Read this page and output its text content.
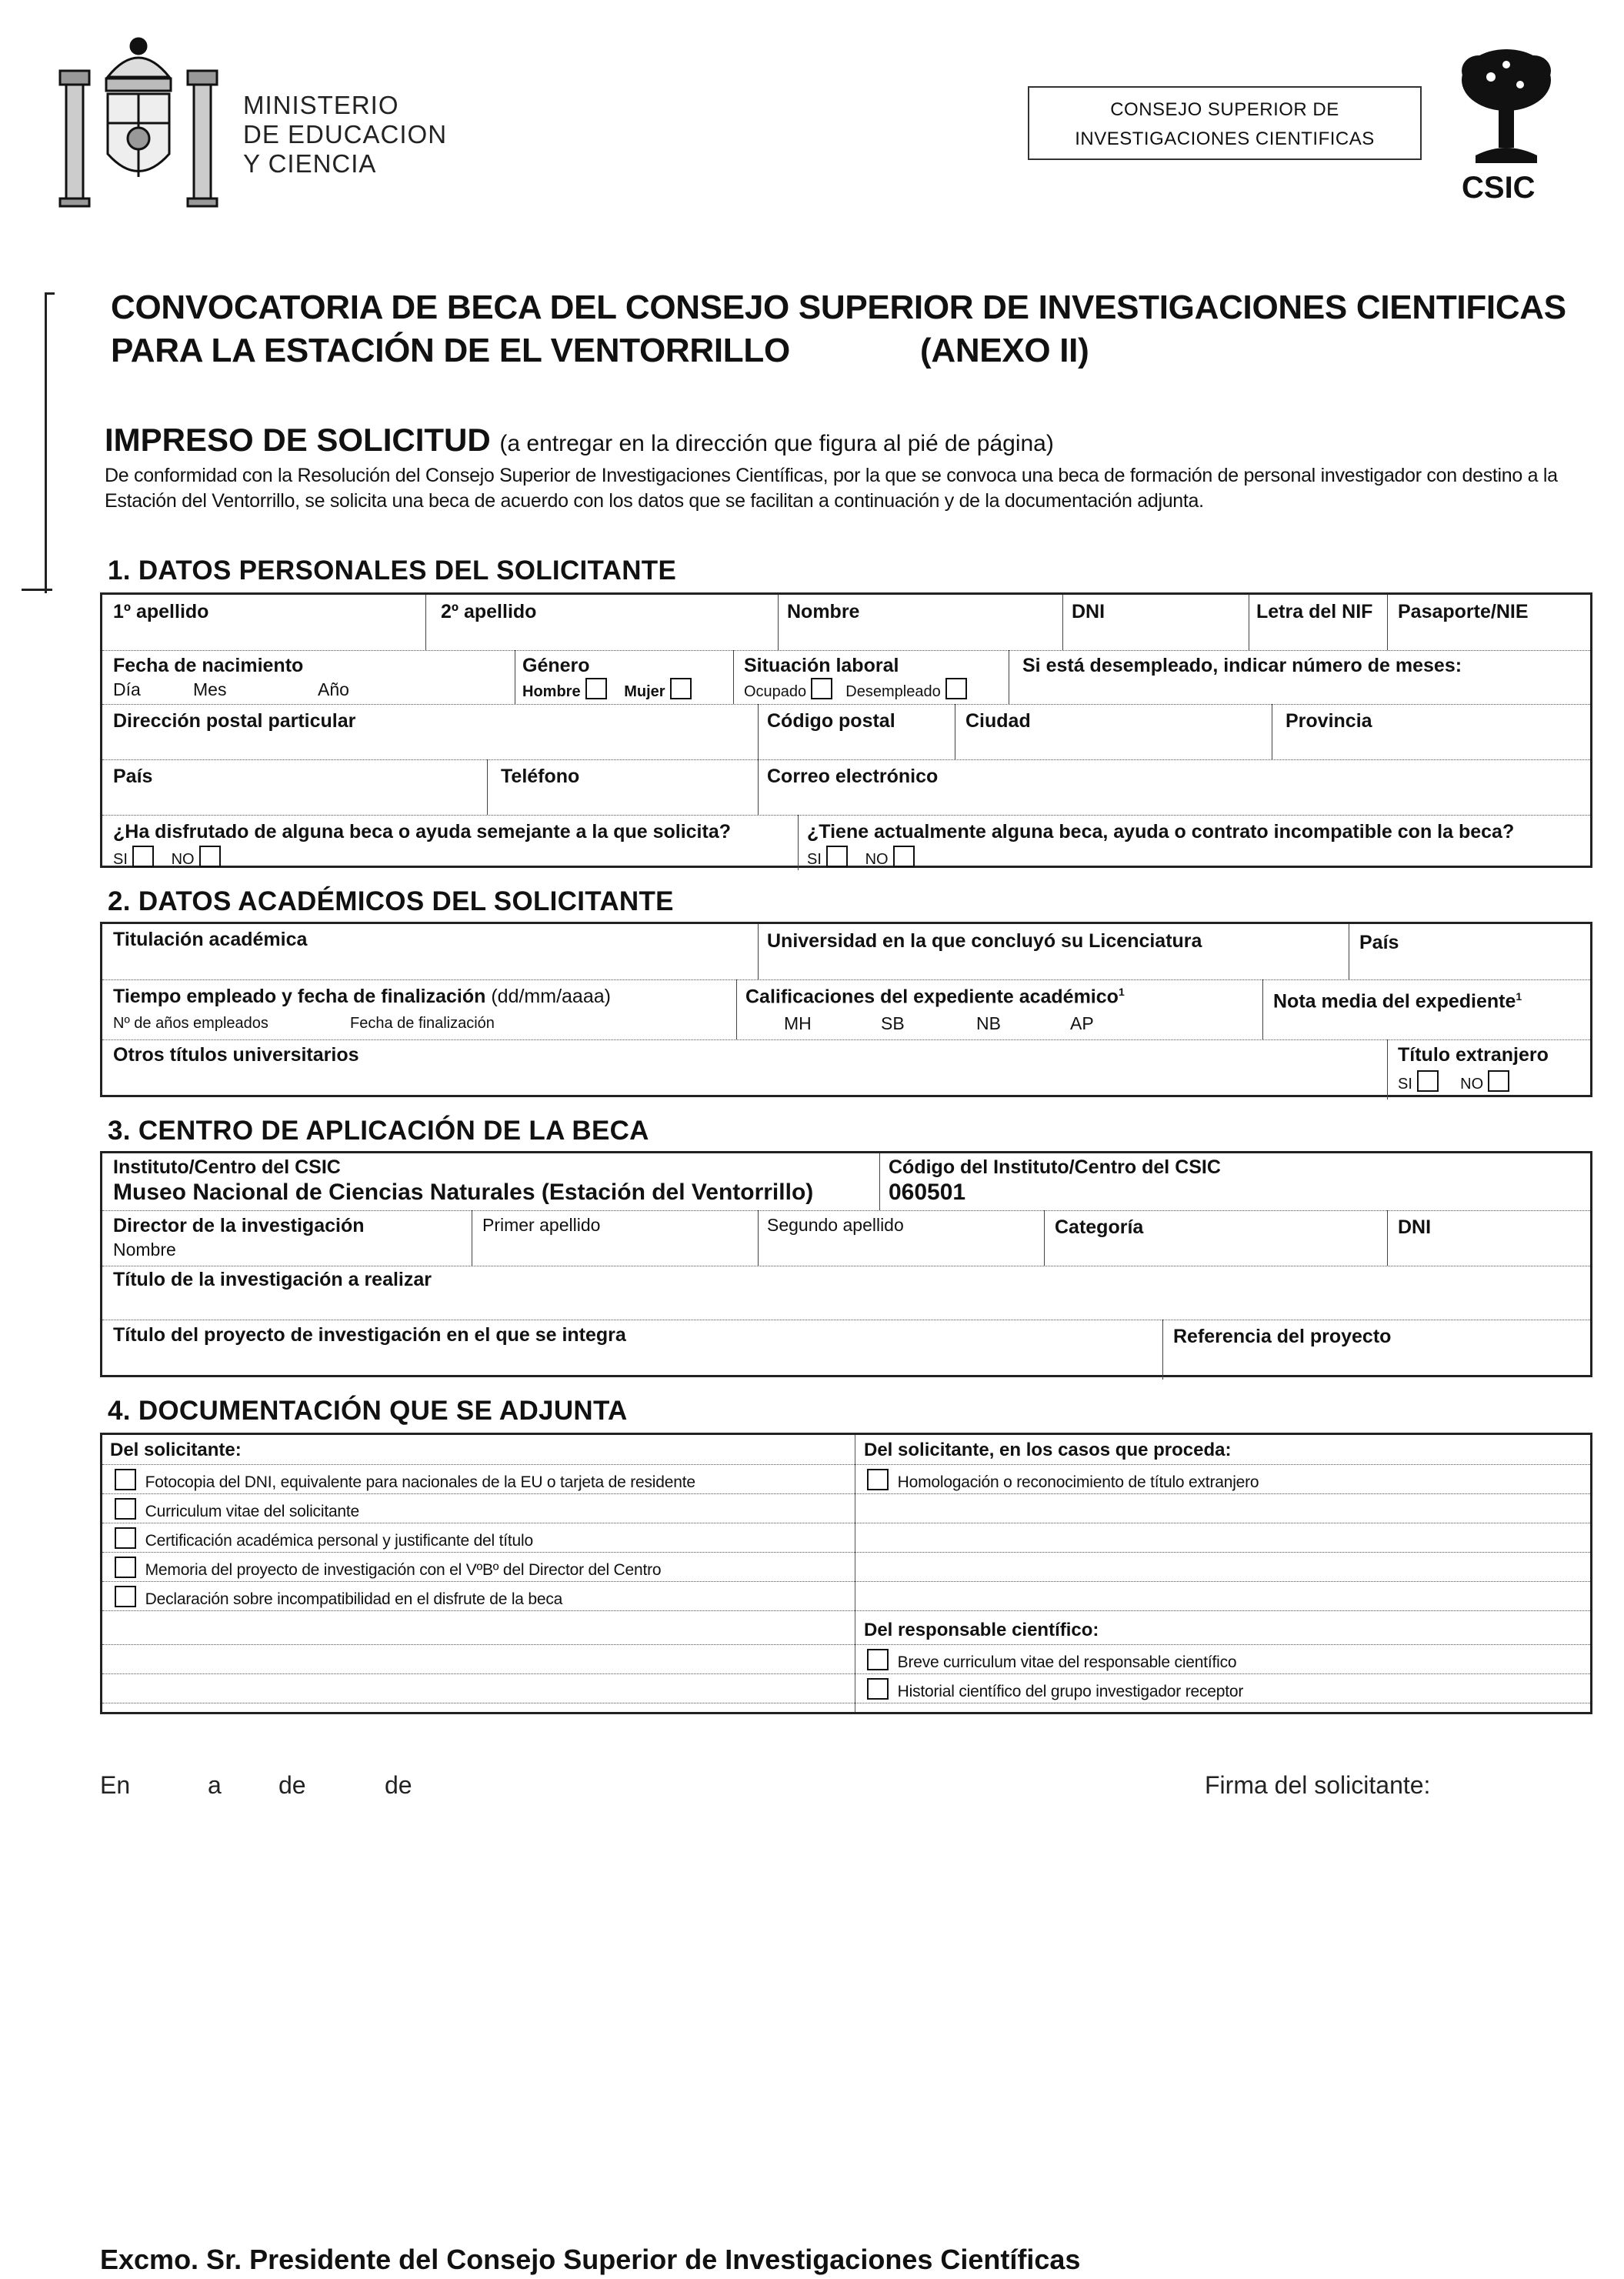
MINISTERIO
DE EDUCACION
Y CIENCIA
CONSEJO SUPERIOR DE
INVESTIGACIONES CIENTIFICAS
CSIC
CONVOCATORIA DE BECA DEL CONSEJO SUPERIOR DE INVESTIGACIONES CIENTIFICAS
PARA LA ESTACIÓN DE EL VENTORRILLO	(ANEXO II)
IMPRESO DE SOLICITUD (a entregar en la dirección que figura al pié de página)
De conformidad con la Resolución del Consejo Superior de Investigaciones Científicas, por la que se convoca una beca de formación de personal investigador con destino a la Estación del Ventorrillo, se solicita una beca de acuerdo con los datos que se facilitan a continuación y de la documentación adjunta.
1. DATOS PERSONALES DEL SOLICITANTE
1º apellido	2º apellido	Nombre	DNI	Letra del NIF Pasaporte/NIE
Fecha de nacimiento
Día	Mes	Año
Género
Hombre	Mujer
Situación laboral
Ocupado	Desempleado
Si está desempleado, indicar número de meses:
Dirección postal particular	Código postal	Ciudad	Provincia
País	Teléfono	Correo electrónico
¿Ha disfrutado de alguna beca o ayuda semejante a la que solicita?
SI	NO
¿Tiene actualmente alguna beca, ayuda o contrato incompatible con la beca?
SI	NO
2. DATOS ACADÉMICOS DEL SOLICITANTE
Titulación académica	Universidad en la que concluyó su Licenciatura	País
Tiempo empleado y fecha de finalización (dd/mm/aaaa)
Nº de años empleados	Fecha de finalización
Calificaciones del expediente académico$^1$
MH	SB	NB	AP
Nota media del expediente$^1$
Otros títulos universitarios	Título extranjero
SI	NO
3. CENTRO DE APLICACIÓN DE LA BECA
Instituto/Centro del CSIC
Museo Nacional de Ciencias Naturales (Estación del Ventorrillo)
Código del Instituto/Centro del CSIC
060501
Director de la investigación
Nombre
Primer apellido	Segundo apellido	Categoría	DNI
Título de la investigación a realizar
Título del proyecto de investigación en el que se integra	Referencia del proyecto
4. DOCUMENTACIÓN QUE SE ADJUNTA
Del solicitante:	Del solicitante, en los casos que proceda:
Fotocopia del DNI, equivalente para nacionales de la EU o tarjeta de residente	Homologación o reconocimiento de título extranjero
Curriculum vitae del solicitante
Certificación académica personal y justificante del título
Memoria del proyecto de investigación con el VºBº del Director del Centro
Declaración sobre incompatibilidad en el disfrute de la beca
Del responsable científico:
Breve curriculum vitae del responsable científico
Historial científico del grupo investigador receptor
En	a de	de	Firma del solicitante:
Excmo. Sr. Presidente del Consejo Superior de Investigaciones Científicas
